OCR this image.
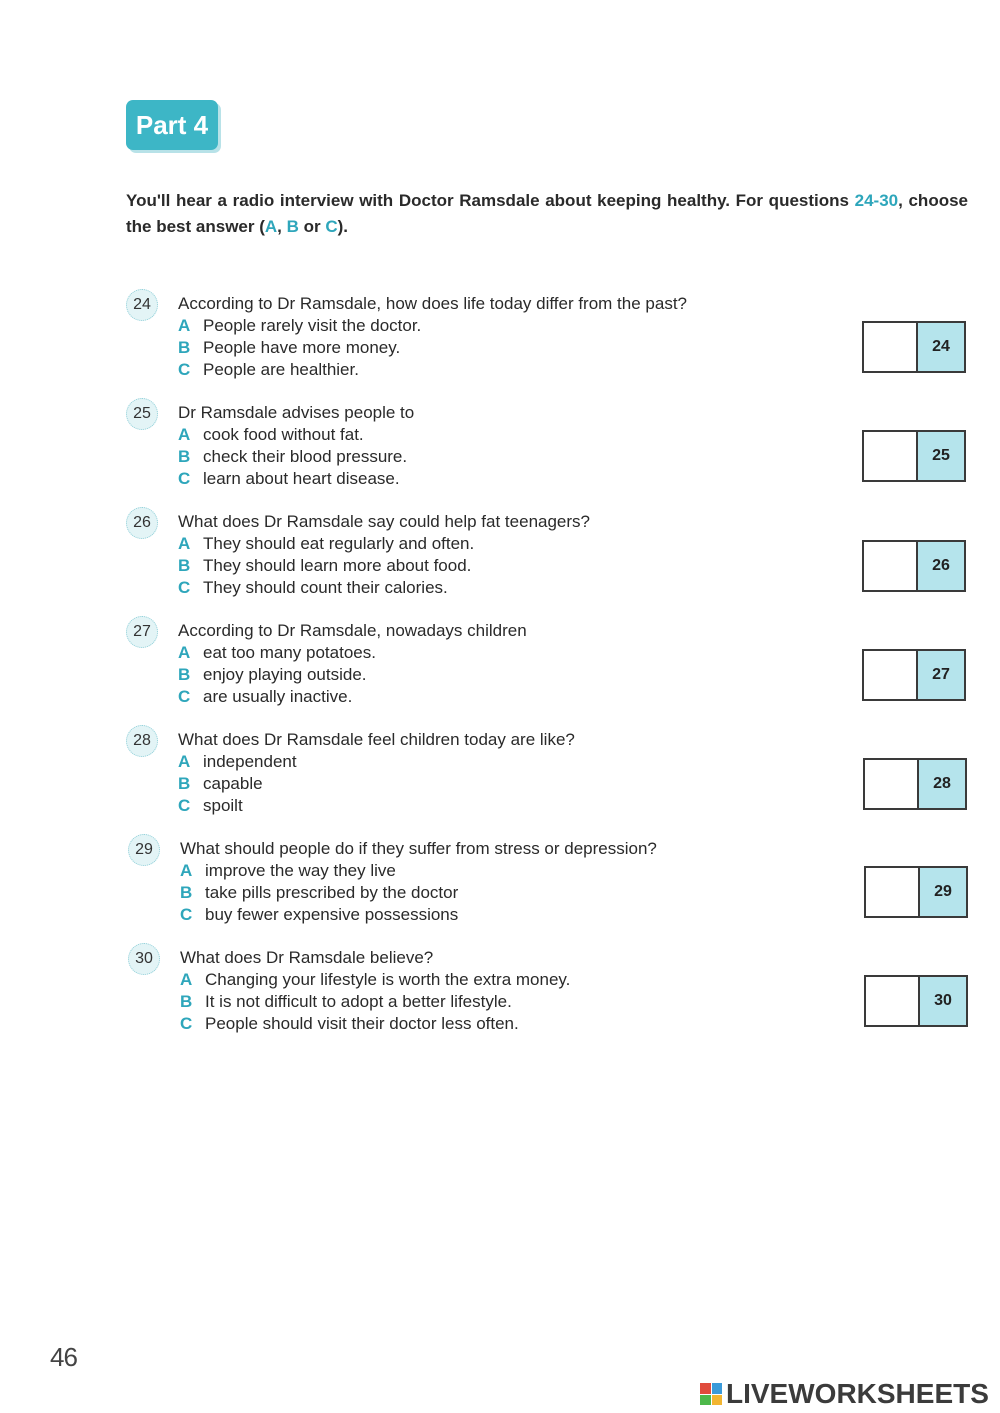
Part 4
You'll hear a radio interview with Doctor Ramsdale about keeping healthy. For questions 24-30, choose the best answer (A, B or C).
24	According to Dr Ramsdale, how does life today differ from the past?
A People rarely visit the doctor.
B People have more money.
C People are healthier.
24
25	Dr Ramsdale advises people to
A cook food without fat.
B check their blood pressure.
C learn about heart disease.
25
26	What does Dr Ramsdale say could help fat teenagers?
A They should eat regularly and often.
B They should learn more about food.
C They should count their calories.
26
27	According to Dr Ramsdale, nowadays children
A eat too many potatoes.
B enjoy playing outside.
C are usually inactive.
27
28	What does Dr Ramsdale feel children today are like?
A independent
B capable
C spoilt
28
29	What should people do if they suffer from stress or depression?
A improve the way they live
B take pills prescribed by the doctor
C buy fewer expensive possessions
29
30	What does Dr Ramsdale believe?
A Changing your lifestyle is worth the extra money.
B It is not difficult to adopt a better lifestyle.
C People should visit their doctor less often.
30
46
LIVEWORKSHEETS
